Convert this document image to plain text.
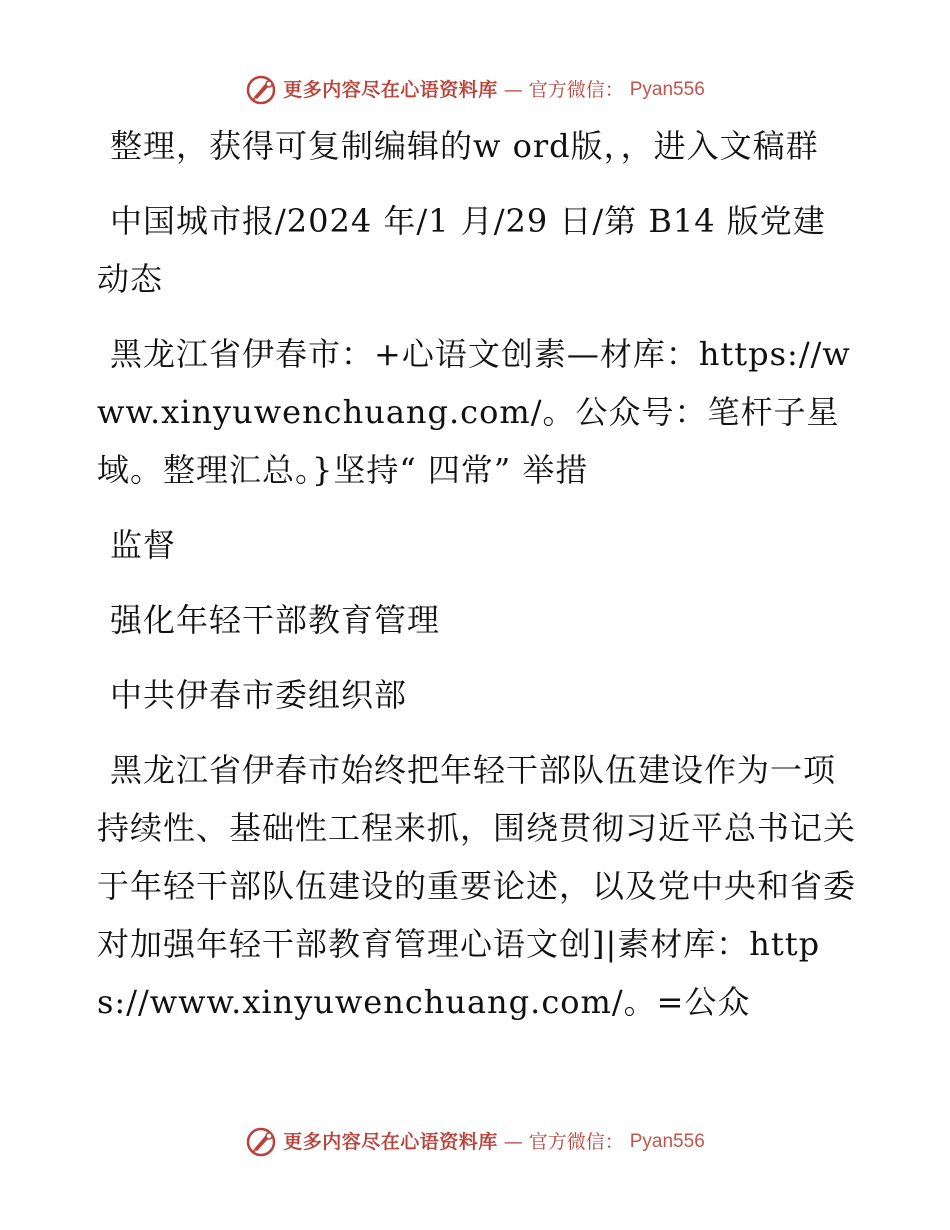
更多内容尽在心语资料库 — 官方微信： Pyan556

整理，获得可复制编辑的w ord版，，进入文稿群

中国城市报/2024 年/1 月/29 日/第 B14 版党建动态

黑龙江省伊春市：+心语文创素—材库：https://www.xinyuwenchuang.com/。公众号：笔杆子星域。整理汇总。}坚持“ 四常” 举措

监督

强化年轻干部教育管理

中共伊春市委组织部

黑龙江省伊春市始终把年轻干部队伍建设作为一项持续性、基础性工程来抓，围绕贯彻习近平总书记关于年轻干部队伍建设的重要论述，以及党中央和省委对加强年轻干部教育管理心语文创]|素材库：https://www.xinyuwenchuang.com/。=公众

更多内容尽在心语资料库 — 官方微信： Pyan556
